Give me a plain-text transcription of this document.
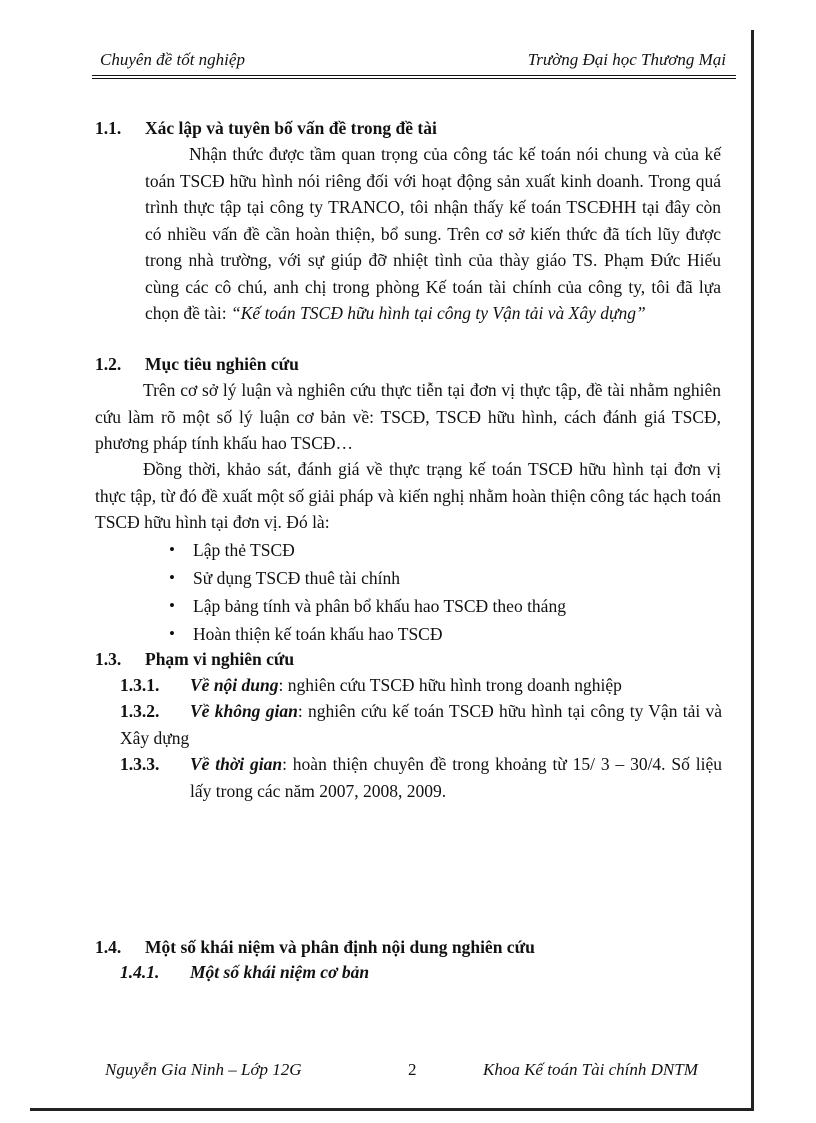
Chuyên đề tốt nghiệp	Trường Đại học Thương Mại
1.1. Xác lập và tuyên bố vấn đề trong đề tài
Nhận thức được tầm quan trọng của công tác kế toán nói chung và của kế toán TSCĐ hữu hình nói riêng đối với hoạt động sản xuất kinh doanh. Trong quá trình thực tập tại công ty TRANCO, tôi nhận thấy kế toán TSCĐHH tại đây còn có nhiều vấn đề cần hoàn thiện, bổ sung. Trên cơ sở kiến thức đã tích lũy được trong nhà trường, với sự giúp đỡ nhiệt tình của thày giáo TS. Phạm Đức Hiếu cùng các cô chú, anh chị trong phòng Kế toán tài chính của công ty, tôi đã lựa chọn đề tài: “Kế toán TSCĐ hữu hình tại công ty Vận tải và Xây dựng”
1.2. Mục tiêu nghiên cứu
Trên cơ sở lý luận và nghiên cứu thực tiễn tại đơn vị thực tập, đề tài nhằm nghiên cứu làm rõ một số lý luận cơ bản về: TSCĐ, TSCĐ hữu hình, cách đánh giá TSCĐ, phương pháp tính khấu hao TSCĐ…
Đồng thời, khảo sát, đánh giá về thực trạng kế toán TSCĐ hữu hình tại đơn vị thực tập, từ đó đề xuất một số giải pháp và kiến nghị nhằm hoàn thiện công tác hạch toán TSCĐ hữu hình tại đơn vị. Đó là:
• Lập thẻ TSCĐ
• Sử dụng TSCĐ thuê tài chính
• Lập bảng tính và phân bổ khấu hao TSCĐ theo tháng
• Hoàn thiện kế toán khấu hao TSCĐ
1.3. Phạm vi nghiên cứu
1.3.1. Về nội dung: nghiên cứu TSCĐ hữu hình trong doanh nghiệp
1.3.2.	Về không gian: nghiên cứu kế toán TSCĐ hữu hình tại công ty Vận tải và Xây dựng
1.3.3. Về thời gian: hoàn thiện chuyên đề trong khoảng từ 15/ 3 – 30/4. Số liệu lấy trong các năm 2007, 2008, 2009.
1.4. Một số khái niệm và phân định nội dung nghiên cứu
1.4.1. Một số khái niệm cơ bản
Nguyễn Gia Ninh – Lớp 12G	2	Khoa Kế toán Tài chính DNTM
